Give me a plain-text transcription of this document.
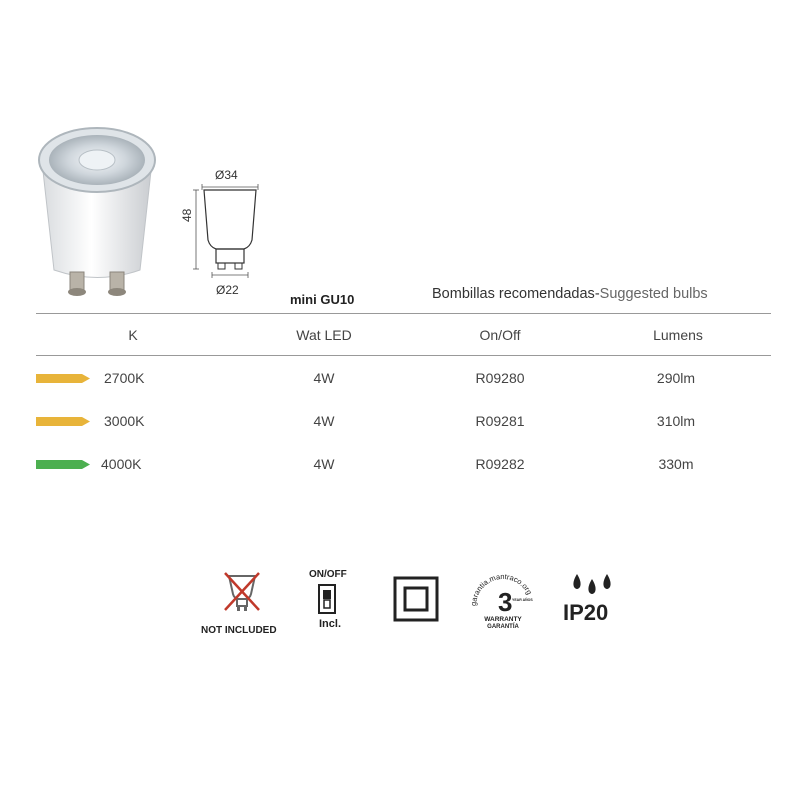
Ø34
48
Ø22
mini GU10	Bombillas recomendadas-Suggested bulbs
K	Wat LED	On/Off	Lumens
2700K	4W	R09280	290lm
3000K	4W	R09281	310lm
4000K	4W	R09282	330m
NOT INCLUDED
ON/OFF
Incl.
garantia.mantraco.org
3 YEAR AÑOS
WARRANTY
GARANTÍA
IP20
